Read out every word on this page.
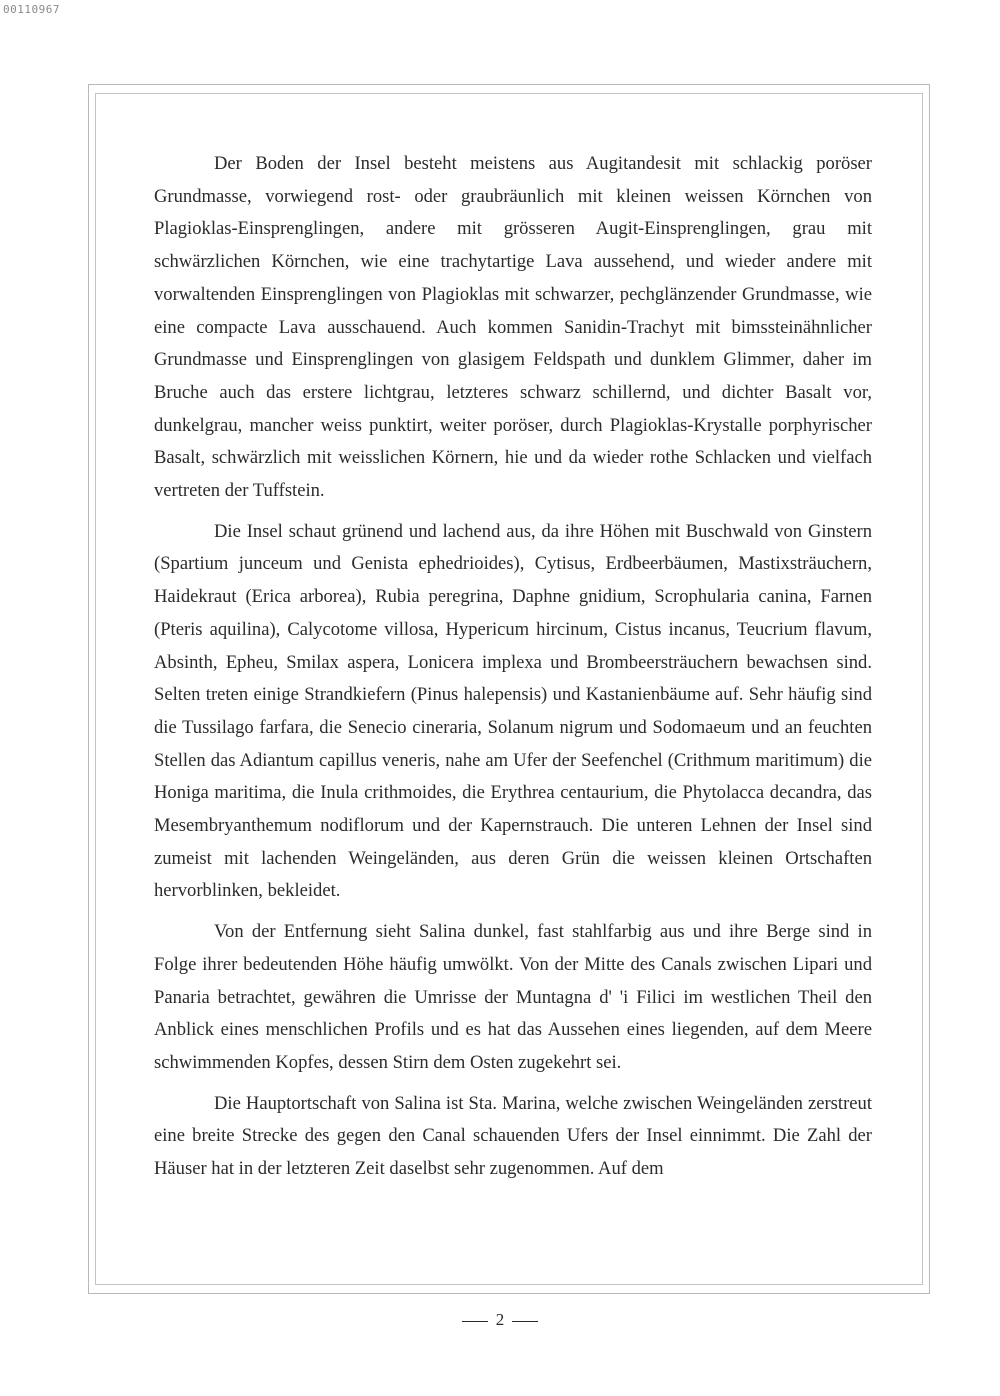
00110967

Der Boden der Insel besteht meistens aus Augitandesit mit schlackig poröser Grundmasse, vorwiegend rost- oder graubräunlich mit kleinen weissen Körnchen von Plagioklas-Einsprenglingen, andere mit grösseren Augit-Einsprenglingen, grau mit schwärzlichen Körnchen, wie eine trachytartige Lava aussehend, und wieder andere mit vorwaltenden Einsprenglingen von Plagioklas mit schwarzer, pechglänzender Grundmasse, wie eine compacte Lava ausschauend. Auch kommen Sanidin-Trachyt mit bimssteinähnlicher Grundmasse und Einsprenglingen von glasigem Feldspath und dunklem Glimmer, daher im Bruche auch das erstere lichtgrau, letzteres schwarz schillernd, und dichter Basalt vor, dunkelgrau, mancher weiss punktirt, weiter poröser, durch Plagioklas-Krystalle porphyrischer Basalt, schwärzlich mit weisslichen Körnern, hie und da wieder rothe Schlacken und vielfach vertreten der Tuffstein.

Die Insel schaut grünend und lachend aus, da ihre Höhen mit Buschwald von Ginstern (Spartium junceum und Genista ephedrioides), Cytisus, Erdbeerbäumen, Mastixsträuchern, Haidekraut (Erica arborea), Rubia peregrina, Daphne gnidium, Scrophularia canina, Farnen (Pteris aquilina), Calycotome villosa, Hypericum hircinum, Cistus incanus, Teucrium flavum, Absinth, Epheu, Smilax aspera, Lonicera implexa und Brombeersträuchern bewachsen sind. Selten treten einige Strandkiefern (Pinus halepensis) und Kastanienbäume auf. Sehr häufig sind die Tussilago farfara, die Senecio cineraria, Solanum nigrum und Sodomaeum und an feuchten Stellen das Adiantum capillus veneris, nahe am Ufer der Seefenchel (Crithmum maritimum) die Honiga maritima, die Inula crithmoides, die Erythrea centaurium, die Phytolacca decandra, das Mesembryanthemum nodiflorum und der Kapernstrauch. Die unteren Lehnen der Insel sind zumeist mit lachenden Weingeländen, aus deren Grün die weissen kleinen Ortschaften hervorblinken, bekleidet.

Von der Entfernung sieht Salina dunkel, fast stahlfarbig aus und ihre Berge sind in Folge ihrer bedeutenden Höhe häufig umwölkt. Von der Mitte des Canals zwischen Lipari und Panaria betrachtet, gewähren die Umrisse der Muntagna d' 'i Filici im westlichen Theil den Anblick eines menschlichen Profils und es hat das Aussehen eines liegenden, auf dem Meere schwimmenden Kopfes, dessen Stirn dem Osten zugekehrt sei.

Die Hauptortschaft von Salina ist Sta. Marina, welche zwischen Weingeländen zerstreut eine breite Strecke des gegen den Canal schauenden Ufers der Insel einnimmt. Die Zahl der Häuser hat in der letzteren Zeit daselbst sehr zugenommen. Auf dem

2
